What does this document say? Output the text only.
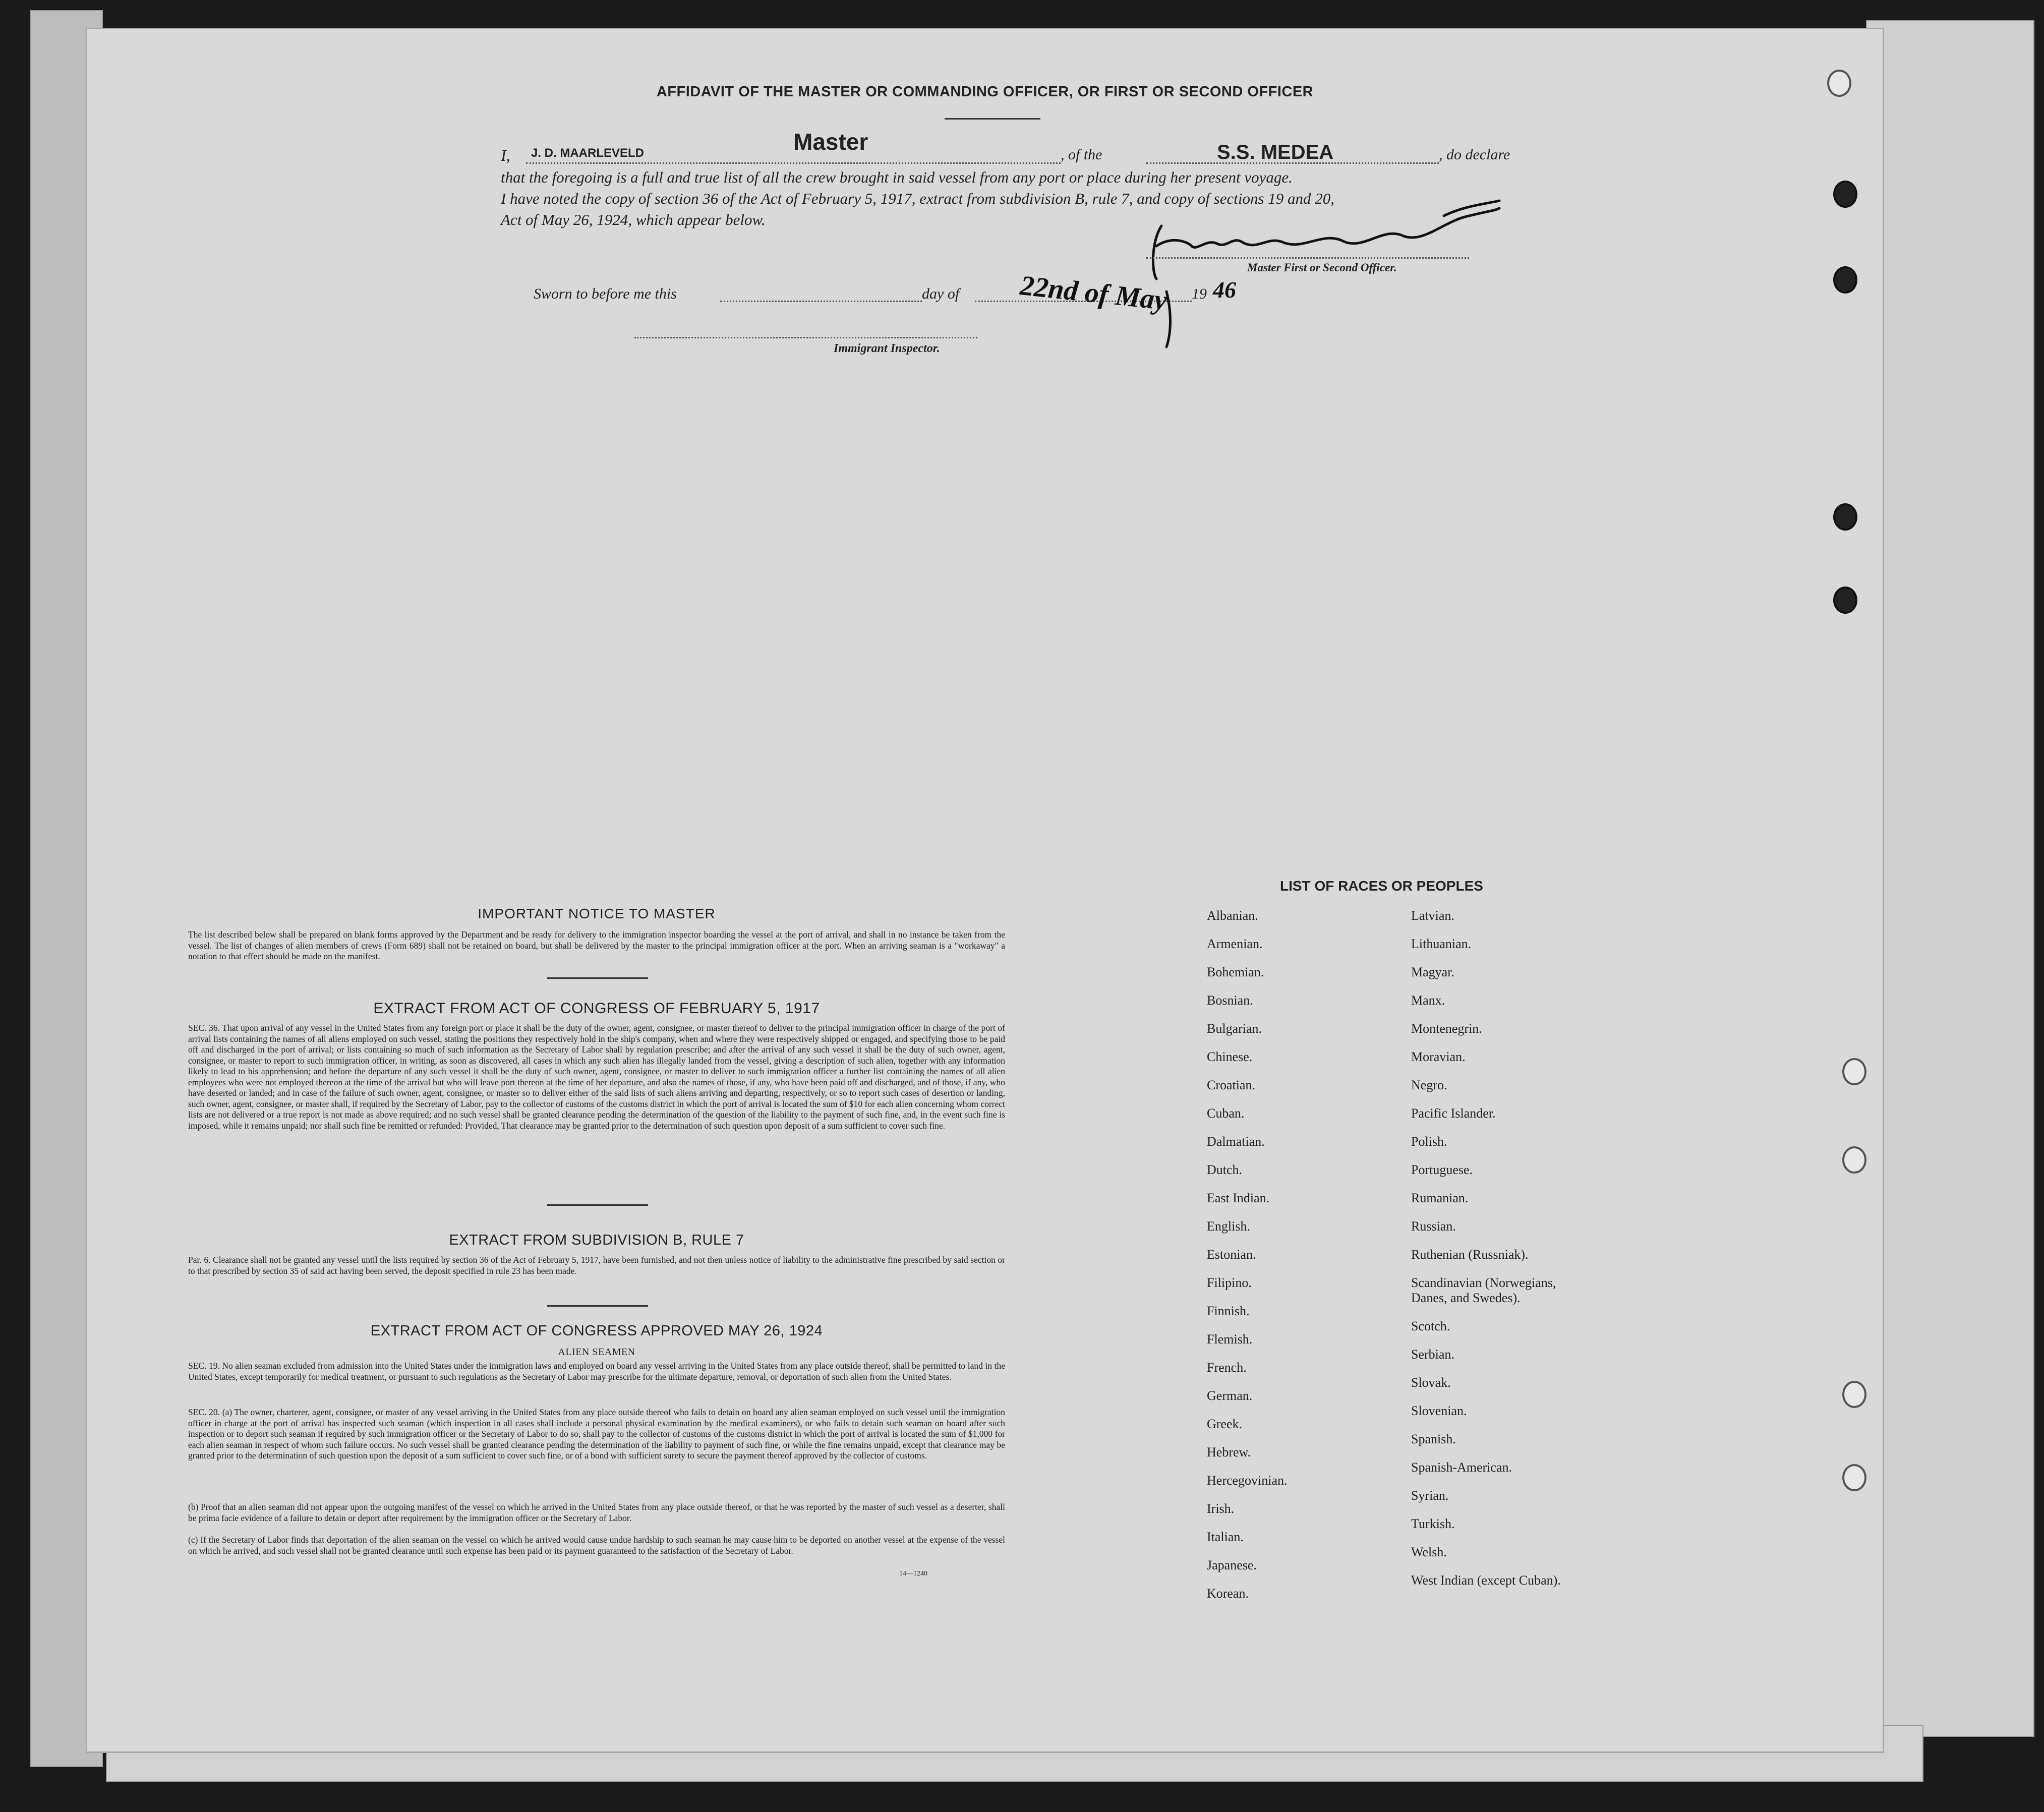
AFFIDAVIT OF THE MASTER OR COMMANDING OFFICER, OR FIRST OR SECOND OFFICER
I, J. D. MAARLEVELD	Master	, of the	S.S. MEDEA	, do declare
that the foregoing is a full and true list of all the crew brought in said vessel from any port or place during her present voyage.
I have noted the copy of section 36 of the Act of February 5, 1917, extract from subdivision B, rule 7, and copy of sections 19 and 20,
Act of May 26, 1924, which appear below.
Master First or Second Officer.
Sworn to before me this	day of 22nd of May 19 46
Immigrant Inspector.
IMPORTANT NOTICE TO MASTER
The list described below shall be prepared on blank forms approved by the Department and be ready for delivery to the immigration inspector boarding the vessel at the port of arrival, and shall in no instance be taken from the vessel. The list of changes of alien members of crews (Form 689) shall not be retained on board, but shall be delivered by the master to the principal immigration officer at the port. When an arriving seaman is a "workaway" a notation to that effect should be made on the manifest.
EXTRACT FROM ACT OF CONGRESS OF FEBRUARY 5, 1917
SEC. 36. That upon arrival of any vessel in the United States from any foreign port or place it shall be the duty of the owner, agent, consignee, or master thereof to deliver to the principal immigration officer in charge of the port of arrival lists containing the names of all aliens employed on such vessel, stating the positions they respectively hold in the ship's company, when and where they were respectively shipped or engaged, and specifying those to be paid off and discharged in the port of arrival; or lists containing so much of such information as the Secretary of Labor shall by regulation prescribe; and after the arrival of any such vessel it shall be the duty of such owner, agent, consignee, or master to report to such immigration officer, in writing, as soon as discovered, all cases in which any such alien has illegally landed from the vessel, giving a description of such alien, together with any information likely to lead to his apprehension; and before the departure of any such vessel it shall be the duty of such owner, agent, consignee, or master to deliver to such immigration officer a further list containing the names of all alien employees who were not employed thereon at the time of the arrival but who will leave port thereon at the time of her departure, and also the names of those, if any, who have been paid off and discharged, and of those, if any, who have deserted or landed; and in case of the failure of such owner, agent, consignee, or master so to deliver either of the said lists of such aliens arriving and departing, respectively, or so to report such cases of desertion or landing, such owner, agent, consignee, or master shall, if required by the Secretary of Labor, pay to the collector of customs of the customs district in which the port of arrival is located the sum of $10 for each alien concerning whom correct lists are not delivered or a true report is not made as above required; and no such vessel shall be granted clearance pending the determination of the question of the liability to the payment of such fine, and, in the event such fine is imposed, while it remains unpaid; nor shall such fine be remitted or refunded: Provided, That clearance may be granted prior to the determination of such question upon deposit of a sum sufficient to cover such fine.
EXTRACT FROM SUBDIVISION B, RULE 7
Par. 6. Clearance shall not be granted any vessel until the lists required by section 36 of the Act of February 5, 1917, have been furnished, and not then unless notice of liability to the administrative fine prescribed by said section or to that prescribed by section 35 of said act having been served, the deposit specified in rule 23 has been made.
EXTRACT FROM ACT OF CONGRESS APPROVED MAY 26, 1924
ALIEN SEAMEN
SEC. 19. No alien seaman excluded from admission into the United States under the immigration laws and employed on board any vessel arriving in the United States from any place outside thereof, shall be permitted to land in the United States, except temporarily for medical treatment, or pursuant to such regulations as the Secretary of Labor may prescribe for the ultimate departure, removal, or deportation of such alien from the United States.
SEC. 20. (a) The owner, charterer, agent, consignee, or master of any vessel arriving in the United States from any place outside thereof who fails to detain on board any alien seaman employed on such vessel until the immigration officer in charge at the port of arrival has inspected such seaman (which inspection in all cases shall include a personal physical examination by the medical examiners), or who fails to detain such seaman on board after such inspection or to deport such seaman if required by such immigration officer or the Secretary of Labor to do so, shall pay to the collector of customs of the customs district in which the port of arrival is located the sum of $1,000 for each alien seaman in respect of whom such failure occurs. No such vessel shall be granted clearance pending the determination of the liability to payment of such fine, or while the fine remains unpaid, except that clearance may be granted prior to the determination of such question upon the deposit of a sum sufficient to cover such fine, or of a bond with sufficient surety to secure the payment thereof approved by the collector of customs.
(b) Proof that an alien seaman did not appear upon the outgoing manifest of the vessel on which he arrived in the United States from any place outside thereof, or that he was reported by the master of such vessel as a deserter, shall be prima facie evidence of a failure to detain or deport after requirement by the immigration officer or the Secretary of Labor.
(c) If the Secretary of Labor finds that deportation of the alien seaman on the vessel on which he arrived would cause undue hardship to such seaman he may cause him to be deported on another vessel at the expense of the vessel on which he arrived, and such vessel shall not be granted clearance until such expense has been paid or its payment guaranteed to the satisfaction of the Secretary of Labor.
14—1240
LIST OF RACES OR PEOPLES
Albanian.
Armenian.
Bohemian.
Bosnian.
Bulgarian.
Chinese.
Croatian.
Cuban.
Dalmatian.
Dutch.
East Indian.
English.
Estonian.
Filipino.
Finnish.
Flemish.
French.
German.
Greek.
Hebrew.
Hercegovinian.
Irish.
Italian.
Japanese.
Korean.
Latvian.
Lithuanian.
Magyar.
Manx.
Montenegrin.
Moravian.
Negro.
Pacific Islander.
Polish.
Portuguese.
Rumanian.
Russian.
Ruthenian (Russniak).
Scandinavian (Norwegians,
Danes, and Swedes).
Scotch.
Serbian.
Slovak.
Slovenian.
Spanish.
Spanish-American.
Syrian.
Turkish.
Welsh.
West Indian (except Cuban).
